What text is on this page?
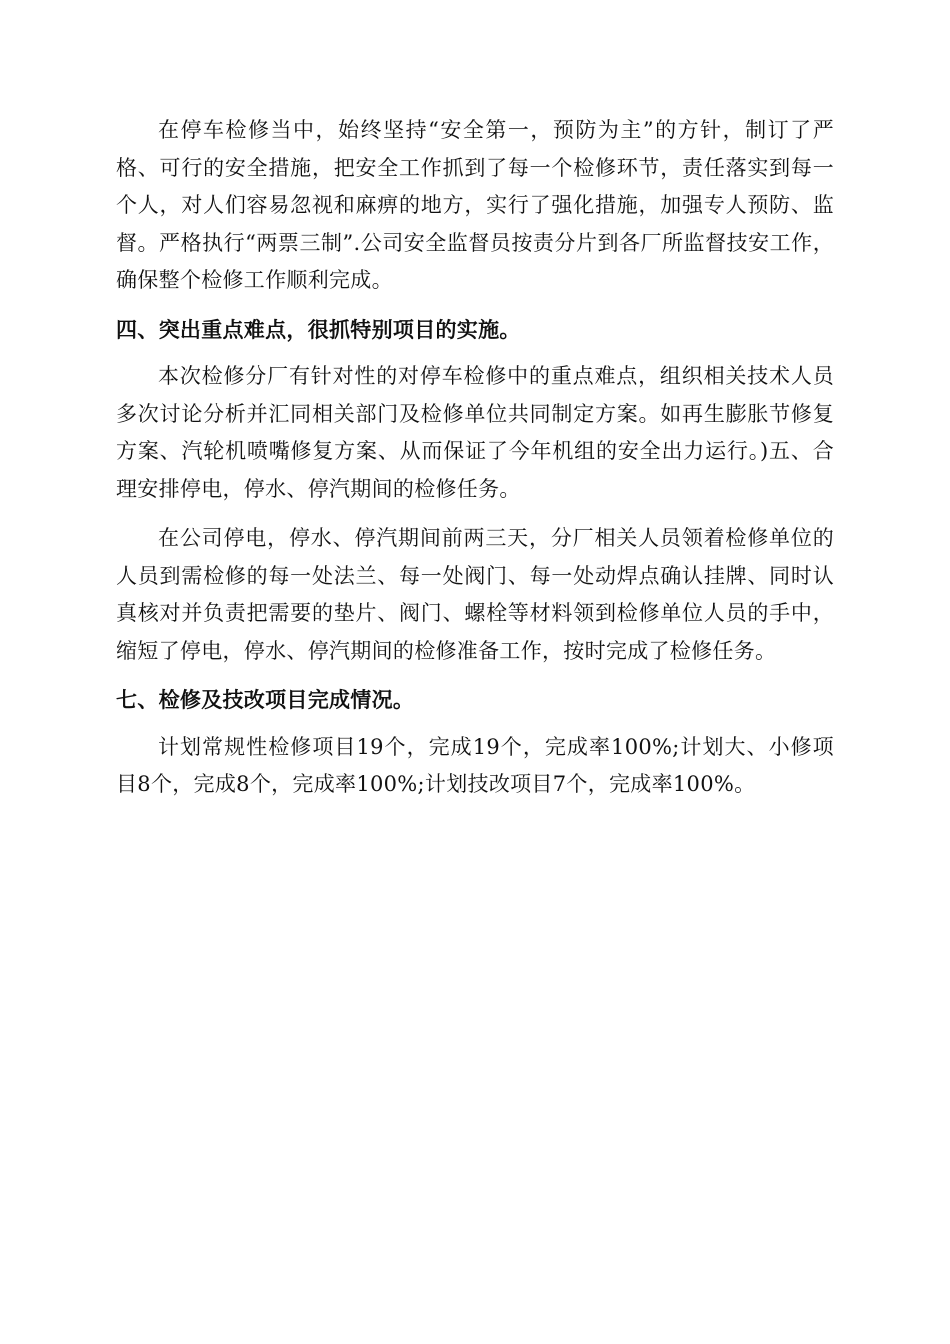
在停车检修当中，始终坚持“安全第一，预防为主”的方针，制订了严格、可行的安全措施，把安全工作抓到了每一个检修环节，责任落实到每一个人，对人们容易忽视和麻痹的地方，实行了强化措施，加强专人预防、监督。严格执行“两票三制”.公司安全监督员按责分片到各厂所监督技安工作，确保整个检修工作顺利完成。

四、突出重点难点，很抓特别项目的实施。

本次检修分厂有针对性的对停车检修中的重点难点，组织相关技术人员多次讨论分析并汇同相关部门及检修单位共同制定方案。如再生膨胀节修复方案、汽轮机喷嘴修复方案、从而保证了今年机组的安全出力运行。)五、合理安排停电，停水、停汽期间的检修任务。

在公司停电，停水、停汽期间前两三天，分厂相关人员领着检修单位的人员到需检修的每一处法兰、每一处阀门、每一处动焊点确认挂牌、同时认真核对并负责把需要的垫片、阀门、螺栓等材料领到检修单位人员的手中，缩短了停电，停水、停汽期间的检修准备工作，按时完成了检修任务。

七、检修及技改项目完成情况。

计划常规性检修项目19个，完成19个，完成率100%;计划大、小修项目8个，完成8个，完成率100%;计划技改项目7个，完成率100%。
